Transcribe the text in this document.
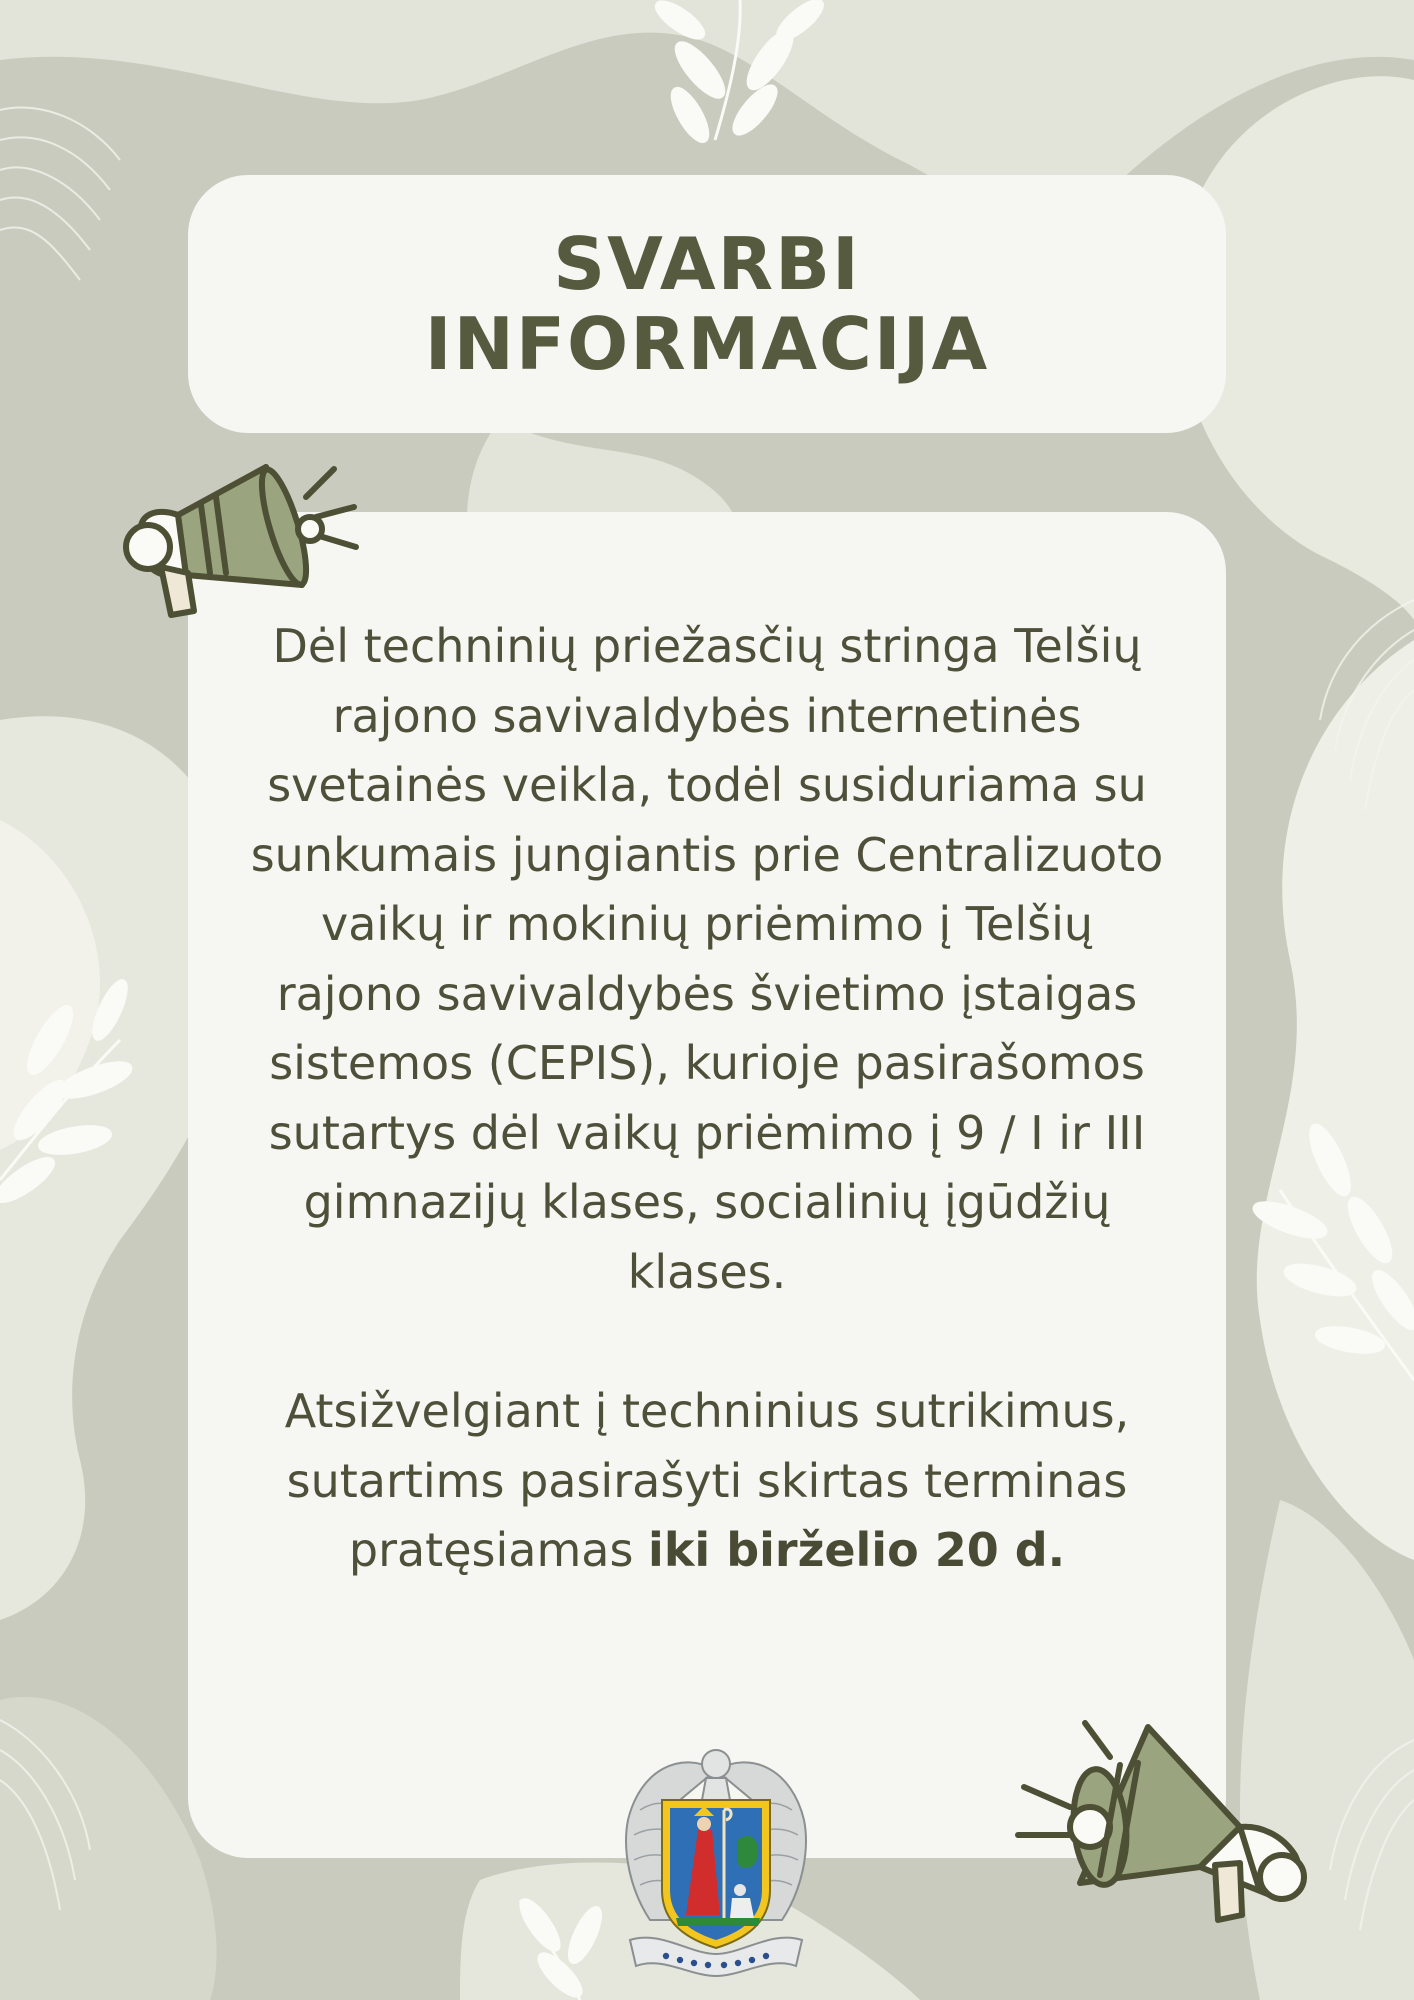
SVARBI
INFORMACIJA

Dėl techninių priežasčių stringa Telšių rajono savivaldybės internetinės svetainės veikla, todėl susiduriama su sunkumais jungiantis prie Centralizuoto vaikų ir mokinių priėmimo į Telšių rajono savivaldybės švietimo įstaigas sistemos (CEPIS), kurioje pasirašomos sutartys dėl vaikų priėmimo į 9 / I ir III gimnazijų klases, socialinių įgūdžių klases.

Atsižvelgiant į techninius sutrikimus, sutartims pasirašyti skirtas terminas pratęsiamas iki birželio 20 d.
